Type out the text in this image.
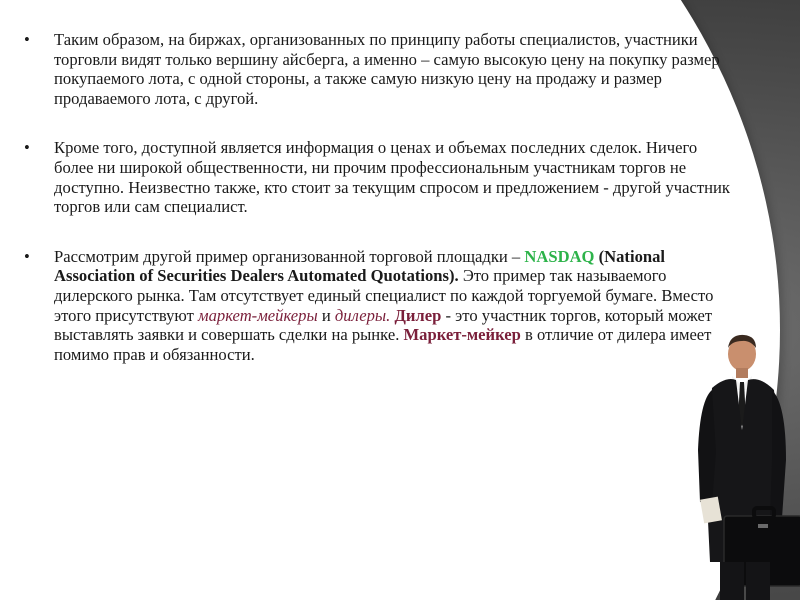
• Таким образом, на биржах, организованных по принципу работы специалистов, участники торговли видят только вершину айсберга, а именно – самую высокую цену на покупку размер покупаемого лота, с одной стороны, а также самую низкую цену на продажу и размер продаваемого лота, с другой.
• Кроме того, доступной является информация о ценах и объемах последних сделок. Ничего более ни широкой общественности, ни прочим профессиональным участникам торгов не доступно. Неизвестно также, кто стоит за текущим спросом и предложением - другой участник торгов или сам специалист.
• Рассмотрим другой пример организованной торговой площадки – NASDAQ (National Association of Securities Dealers Automated Quotations). Это пример так называемого дилерского рынка. Там отсутствует единый специалист по каждой торгуемой бумаге. Вместо этого присутствуют маркет-мейкеры и дилеры. Дилер - это участник торгов, который может выставлять заявки и совершать сделки на рынке. Маркет-мейкер в отличие от дилера имеет помимо прав и обязанности.
